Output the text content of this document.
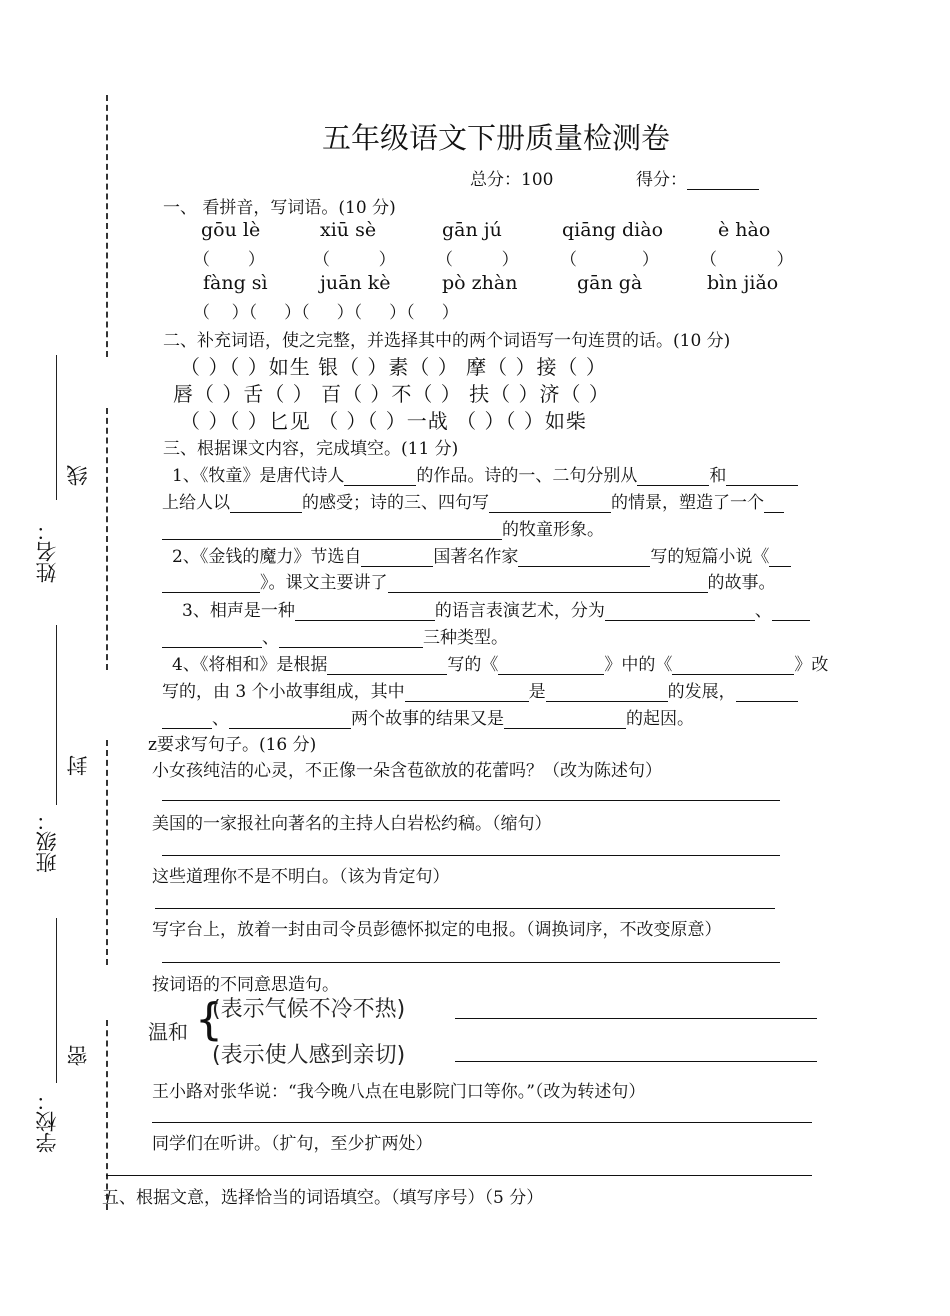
线
封
密
姓名：
班级：
学校：
五年级语文下册质量检测卷
总分：100	得分：
一、 看拼音，写词语。(10 分)
gōu lè	xiū sè	gān jú	qiāng diào	è hào
（       ）	（         ） （         ） （            ） （           ）
fàng sì	juān kè	pò zhàn	gān gà	bìn jiǎo
（    ）（     ）（     ）（     ）（     ）
二、补充词语，使之完整，并选择其中的两个词语写一句连贯的话。(10 分)
（ ）（ ）如生 银（ ）素（ ） 摩（ ）接（ ）
唇（ ）舌（ ） 百（ ）不（ ） 扶（ ）济（ ）
（ ）（ ）匕见 （ ）（ ）一战 （ ）（ ）如柴
三、根据课文内容，完成填空。(11 分)
1、《牧童》是唐代诗人	的作品。诗的一、二句分别从	和
上给人以	的感受；诗的三、四句写	的情景，塑造了一个
的牧童形象。
2、《金钱的魔力》节选自	国著名作家	写的短篇小说《
》。课文主要讲了	的故事。
3、相声是一种	的语言表演艺术，分为	、
、	三种类型。
4、《将相和》是根据	写的《	》中的《	》改
写的，由 3 个小故事组成，其中	是	的发展，
、	两个故事的结果又是	的起因。
z要求写句子。(16 分)
小女孩纯洁的心灵，不正像一朵含苞欲放的花蕾吗？（改为陈述句）
美国的一家报社向著名的主持人白岩松约稿。（缩句）
这些道理你不是不明白。（该为肯定句）
写字台上，放着一封由司令员彭德怀拟定的电报。（调换词序，不改变原意）
按词语的不同意思造句。
温和 {
(表示气候不冷不热)
(表示使人感到亲切)
王小路对张华说：“我今晚八点在电影院门口等你。”（改为转述句）
同学们在听讲。（扩句，至少扩两处）
五、根据文意，选择恰当的词语填空。（填写序号）（5 分）
